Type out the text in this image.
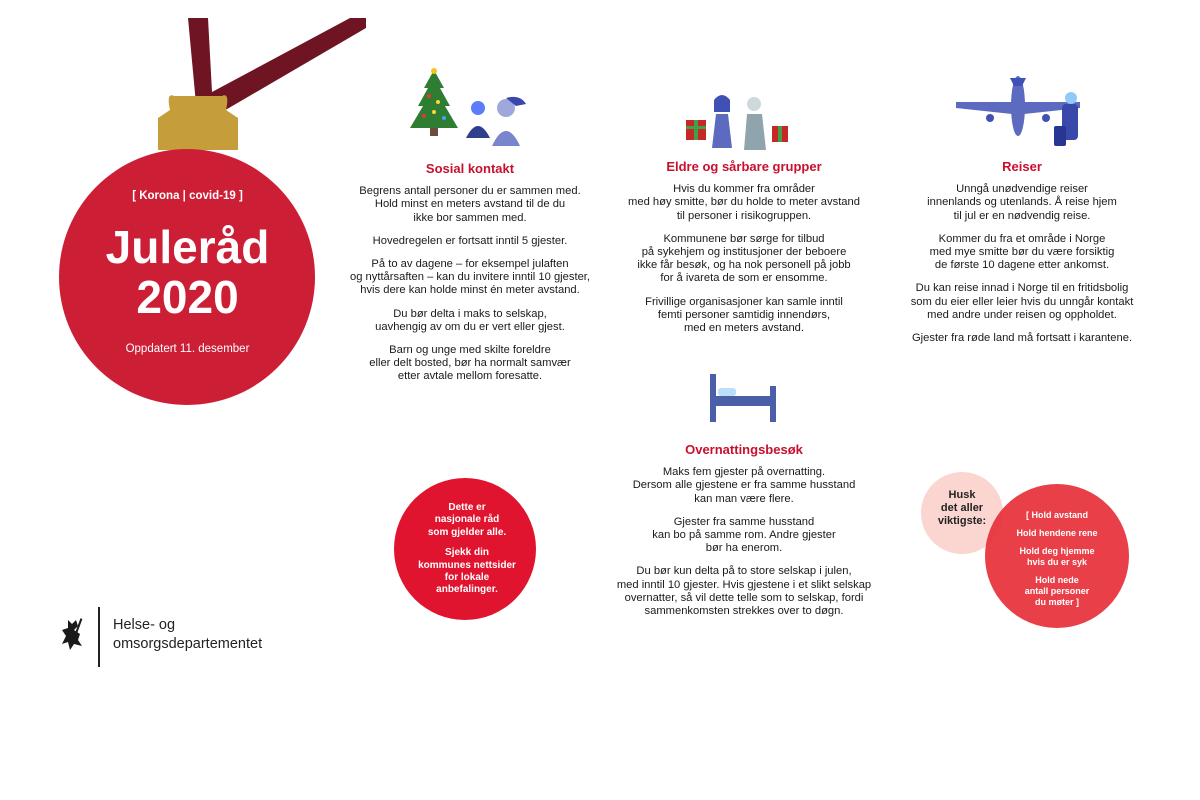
[ Korona | covid-19 ]
Juleråd
2020
Oppdatert 11. desember
Sosial kontakt

Begrens antall personer du er sammen med.
Hold minst en meters avstand til de du
ikke bor sammen med.

Hovedregelen er fortsatt inntil 5 gjester.

På to av dagene – for eksempel julaften
og nyttårsaften – kan du invitere inntil 10 gjester,
hvis dere kan holde minst én meter avstand.

Du bør delta i maks to selskap,
uavhengig av om du er vert eller gjest.

Barn og unge med skilte foreldre
eller delt bosted, bør ha normalt samvær
etter avtale mellom foresatte.

Eldre og sårbare grupper

Hvis du kommer fra områder
med høy smitte, bør du holde to meter avstand
til personer i risikogruppen.

Kommunene bør sørge for tilbud
på sykehjem og institusjoner der beboere
ikke får besøk, og ha nok personell på jobb
for å ivareta de som er ensomme.

Frivillige organisasjoner kan samle inntil
femti personer samtidig innendørs,
med en meters avstand.

Reiser

Unngå unødvendige reiser
innenlands og utenlands. Å reise hjem
til jul er en nødvendig reise.

Kommer du fra et område i Norge
med mye smitte bør du være forsiktig
de første 10 dagene etter ankomst.

Du kan reise innad i Norge til en fritidsbolig
som du eier eller leier hvis du unngår kontakt
med andre under reisen og oppholdet.

Gjester fra røde land må fortsatt i karantene.

Overnattingsbesøk

Maks fem gjester på overnatting.
Dersom alle gjestene er fra samme husstand
kan man være flere.

Gjester fra samme husstand
kan bo på samme rom. Andre gjester
bør ha enerom.

Du bør kun delta på to store selskap i julen,
med inntil 10 gjester. Hvis gjestene i et slikt selskap
overnatter, så vil dette telle som to selskap, fordi
sammenkomsten strekkes over to døgn.

Dette er
nasjonale råd
som gjelder alle.

Sjekk din
kommunes nettsider
for lokale
anbefalinger.

Husk
det aller
viktigste:	[ Hold avstand

Hold hendene rene

Hold deg hjemme
hvis du er syk

Hold nede
antall personer
du møter ]

Helse- og
omsorgsdepartementet
